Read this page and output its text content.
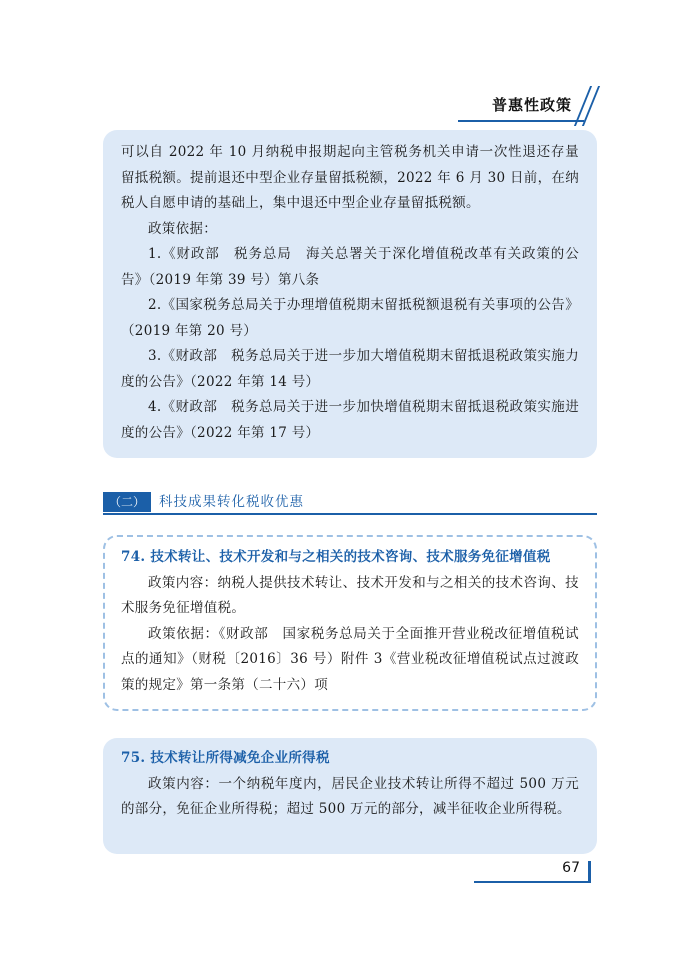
普惠性政策

可以自 2022 年 10 月纳税申报期起向主管税务机关申请一次性退还存量留抵税额。提前退还中型企业存量留抵税额，2022 年 6 月 30 日前，在纳税人自愿申请的基础上，集中退还中型企业存量留抵税额。

政策依据：

1.《财政部　税务总局　海关总署关于深化增值税改革有关政策的公告》（2019 年第 39 号）第八条

2.《国家税务总局关于办理增值税期末留抵税额退税有关事项的公告》（2019 年第 20 号）

3.《财政部　税务总局关于进一步加大增值税期末留抵退税政策实施力度的公告》（2022 年第 14 号）

4.《财政部　税务总局关于进一步加快增值税期末留抵退税政策实施进度的公告》（2022 年第 17 号）

（二）	科技成果转化税收优惠

74. 技术转让、技术开发和与之相关的技术咨询、技术服务免征增值税

政策内容：纳税人提供技术转让、技术开发和与之相关的技术咨询、技术服务免征增值税。

政策依据：《财政部　国家税务总局关于全面推开营业税改征增值税试点的通知》（财税〔2016〕36 号）附件 3《营业税改征增值税试点过渡政策的规定》第一条第（二十六）项

75. 技术转让所得减免企业所得税

政策内容：一个纳税年度内，居民企业技术转让所得不超过 500 万元的部分，免征企业所得税；超过 500 万元的部分，减半征收企业所得税。

67
